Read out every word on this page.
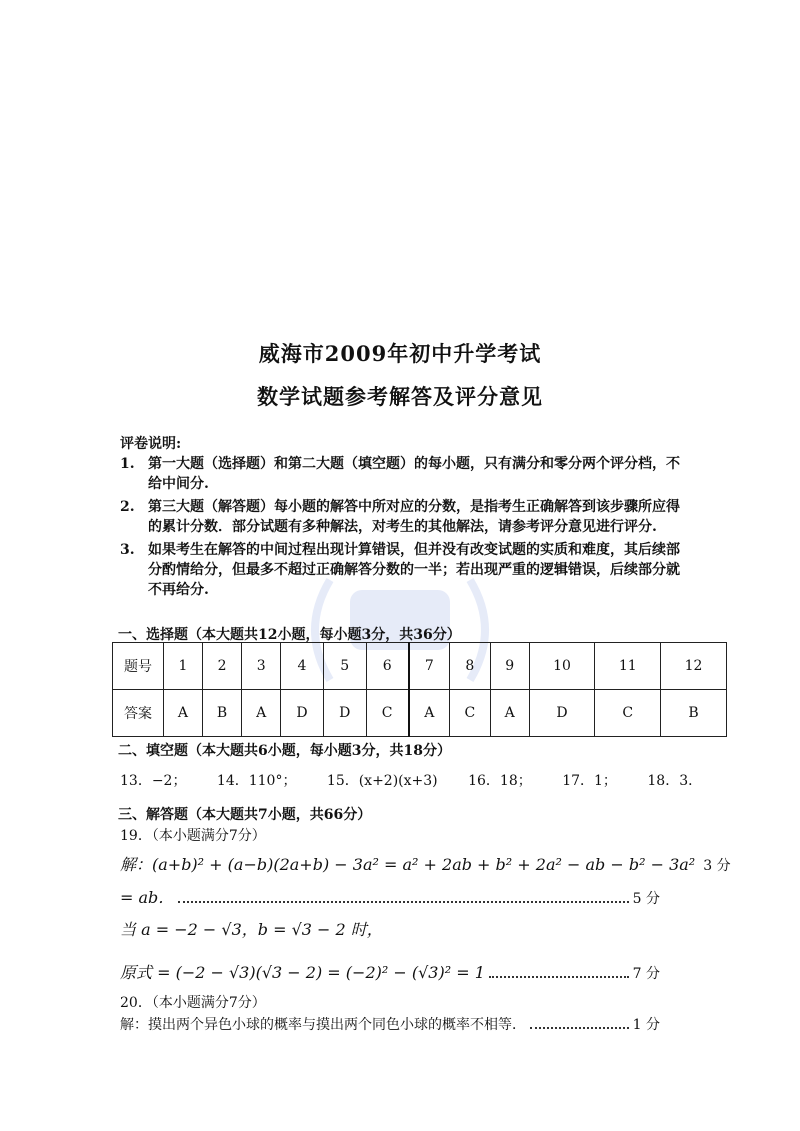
威海市2009年初中升学考试
数学试题参考解答及评分意见
评卷说明:
1. 第一大题（选择题）和第二大题（填空题）的每小题，只有满分和零分两个评分档，不给中间分.
2. 第三大题（解答题）每小题的解答中所对应的分数，是指考生正确解答到该步骤所应得的累计分数．部分试题有多种解法，对考生的其他解法，请参考评分意见进行评分.
3. 如果考生在解答的中间过程出现计算错误，但并没有改变试题的实质和难度，其后续部分酌情给分，但最多不超过正确解答分数的一半；若出现严重的逻辑错误，后续部分就不再给分.
一、选择题（本大题共12小题，每小题3分，共36分）
题号	1	2	3	4	5	6	7	8	9	10	11	12
答案	A	B	A	D	D	C	A	C	A	D	C	B
二、填空题（本大题共6小题，每小题3分，共18分）
13．−2； 14．110°； 15．(x+2)(x+3) 16．18； 17．1； 18．3．
三、解答题（本大题共7小题，共66分）
19．（本小题满分7分）
解：(a+b)² + (a−b)(2a+b) − 3a² = a² + 2ab + b² + 2a² − ab − b² − 3a² 3 分
= ab．	5 分
当 a = −2 − √3，b = √3 − 2 时，
原式 = (−2 − √3)(√3 − 2) = (−2)² − (√3)² = 1	7 分
20．（本小题满分7分）
解：摸出两个异色小球的概率与摸出两个同色小球的概率不相等．	1 分
